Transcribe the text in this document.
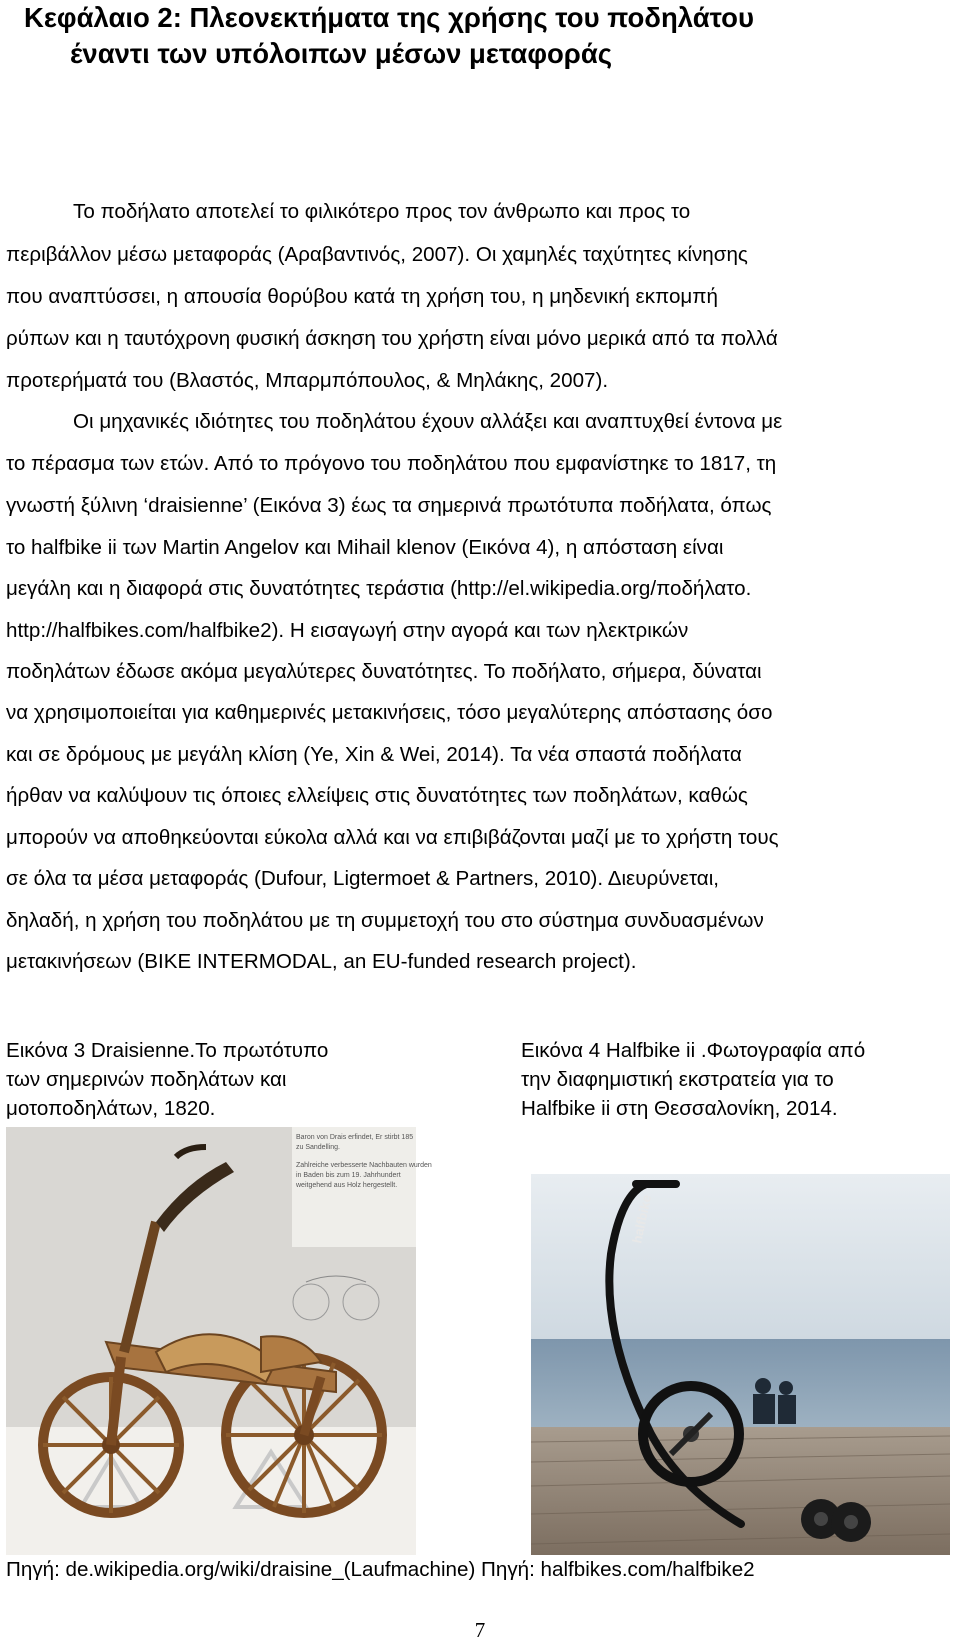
Κεφάλαιο 2: Πλεονεκτήματα της χρήσης του ποδηλάτου
έναντι των υπόλοιπων μέσων μεταφοράς
Το ποδήλατο αποτελεί το φιλικότερο προς τον άνθρωπο και προς το
περιβάλλον μέσω μεταφοράς (Αραβαντινός, 2007). Οι χαμηλές ταχύτητες κίνησης
που αναπτύσσει, η απουσία θορύβου κατά τη χρήση του, η μηδενική εκπομπή
ρύπων και η ταυτόχρονη φυσική άσκηση του χρήστη είναι μόνο μερικά από τα πολλά
προτερήματά του (Βλαστός, Μπαρμπόπουλος, & Μηλάκης, 2007).
Οι μηχανικές ιδιότητες του ποδηλάτου έχουν αλλάξει και αναπτυχθεί έντονα με
το πέρασμα των ετών. Από το πρόγονο του ποδηλάτου που εμφανίστηκε το 1817, τη
γνωστή ξύλινη ‘draisienne’ (Εικόνα 3) έως τα σημερινά πρωτότυπα ποδήλατα, όπως
το halfbike ii των Martin Angelov και Mihail klenov (Εικόνα 4), η απόσταση είναι
μεγάλη και η διαφορά στις δυνατότητες τεράστια (http://el.wikipedia.org/ποδήλατο.
http://halfbikes.com/halfbike2). Η εισαγωγή στην αγορά και των ηλεκτρικών
ποδηλάτων έδωσε ακόμα μεγαλύτερες δυνατότητες. Το ποδήλατο, σήμερα, δύναται
να χρησιμοποιείται για καθημερινές μετακινήσεις, τόσο μεγαλύτερης απόστασης όσο
και σε δρόμους με μεγάλη κλίση (Ye, Xin & Wei, 2014). Τα νέα σπαστά ποδήλατα
ήρθαν να καλύψουν τις όποιες ελλείψεις στις δυνατότητες των ποδηλάτων, καθώς
μπορούν να αποθηκεύονται εύκολα αλλά και να επιβιβάζονται μαζί με το χρήστη τους
σε όλα τα μέσα μεταφοράς (Dufour, Ligtermoet & Partners, 2010). Διευρύνεται,
δηλαδή, η χρήση του ποδηλάτου με τη συμμετοχή του στο σύστημα συνδυασμένων
μετακινήσεων (BIKE INTERMODAL, an EU-funded research project).
Εικόνα 3 Draisienne.Το πρωτότυπο
των σημερινών ποδηλάτων και
μοτοποδηλάτων, 1820.
Εικόνα 4 Halfbike ii .Φωτογραφία από
την διαφημιστική εκστρατεία για το
Halfbike ii στη Θεσσαλονίκη, 2014.
Baron von Drais erfindet, Er stirbt 185
zu Sandelling.
Zahlreiche verbesserte Nachbauten wurden
in Baden bis zum 19. Jahrhundert
weitgehend aus Holz hergestellt.
halfbike
Πηγή: de.wikipedia.org/wiki/draisine_(Laufmachine) Πηγή: halfbikes.com/halfbike2
7
